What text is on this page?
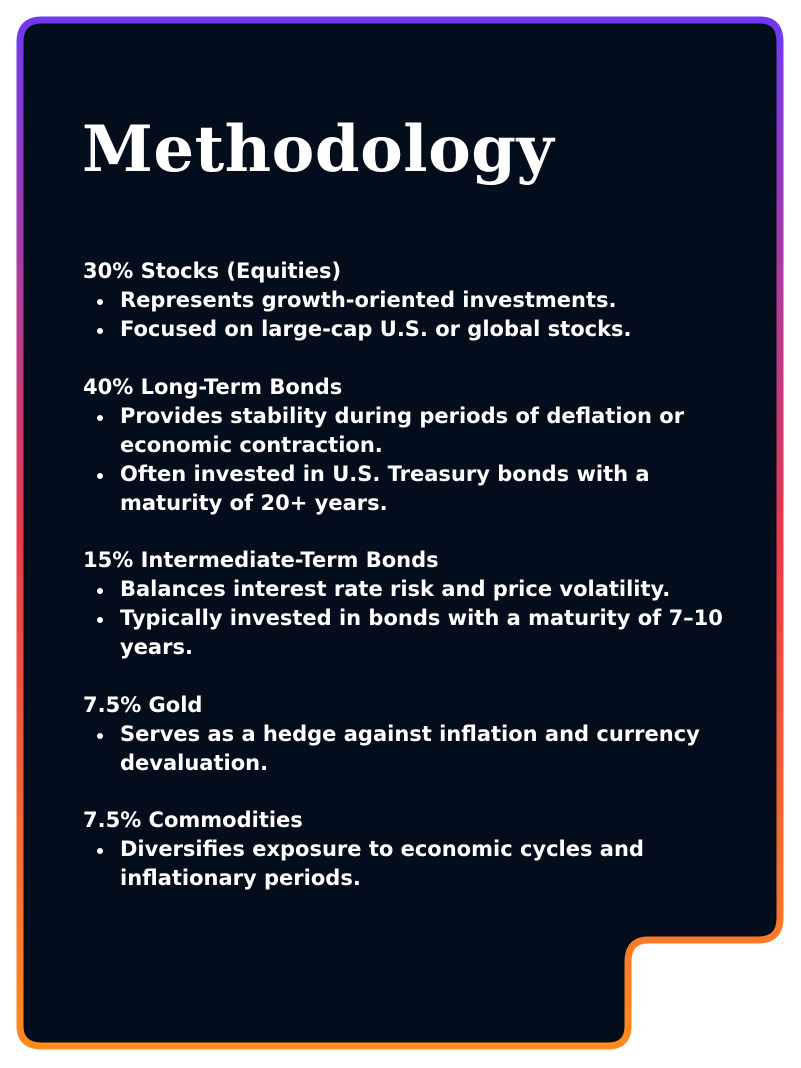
Methodology
30% Stocks (Equities)
Represents growth-oriented investments.
Focused on large-cap U.S. or global stocks.
40% Long-Term Bonds
Provides stability during periods of deflation or economic contraction.
Often invested in U.S. Treasury bonds with a maturity of 20+ years.
15% Intermediate-Term Bonds
Balances interest rate risk and price volatility.
Typically invested in bonds with a maturity of 7–10 years.
7.5% Gold
Serves as a hedge against inflation and currency devaluation.
7.5% Commodities
Diversifies exposure to economic cycles and inflationary periods.
